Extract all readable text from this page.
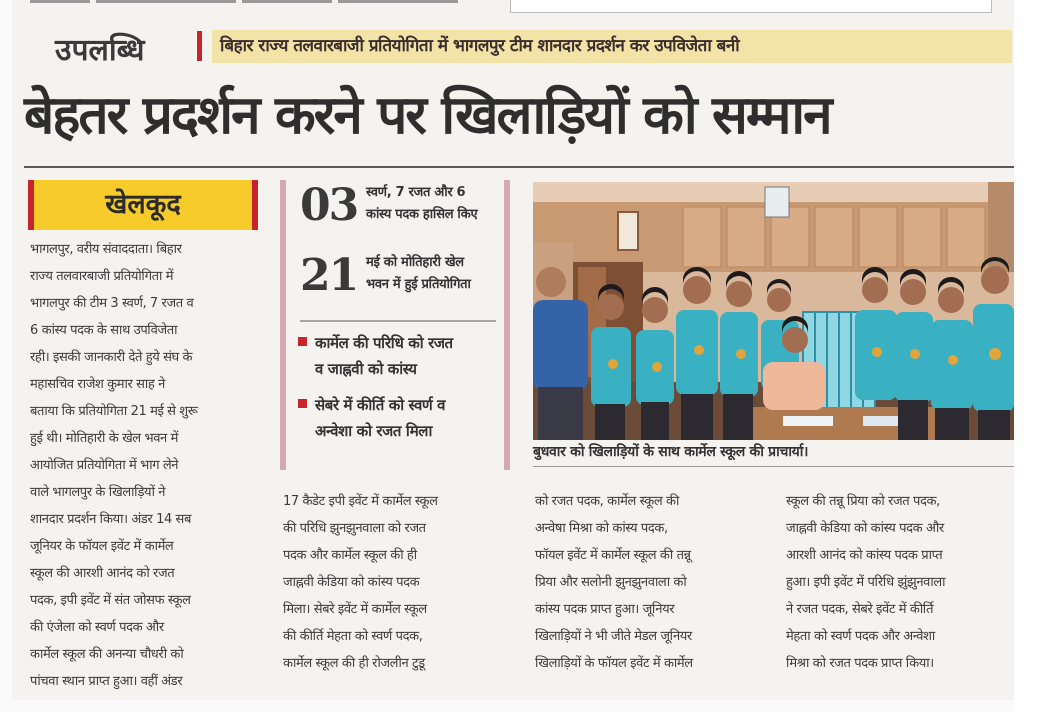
उपलब्धि	बिहार राज्य तलवारबाजी प्रतियोगिता में भागलपुर टीम शानदार प्रदर्शन कर उपविजेता बनी
बेहतर प्रदर्शन करने पर खिलाड़ियों को सम्मान
खेलकूद

भागलपुर, वरीय संवाददाता। बिहार

राज्य तलवारबाजी प्रतियोगिता में

भागलपुर की टीम 3 स्वर्ण, 7 रजत व

6 कांस्य पदक के साथ उपविजेता

रही। इसकी जानकारी देते हुये संघ के

महासचिव राजेश कुमार साह ने

बताया कि प्रतियोगिता 21 मई से शुरू

हुई थी। मोतिहारी के खेल भवन में

आयोजित प्रतियोगिता में भाग लेने

वाले भागलपुर के खिलाड़ियों ने

शानदार प्रदर्शन किया। अंडर 14 सब

जूनियर के फॉयल इवेंट में कार्मेल

स्कूल की आरशी आनंद को रजत

पदक, इपी इवेंट में संत जोसफ स्कूल

की एंजेला को स्वर्ण पदक और

कार्मेल स्कूल की अनन्या चौधरी को

पांचवा स्थान प्राप्त हुआ। वहीं अंडर

03 स्वर्ण, 7 रजत और 6
कांस्य पदक हासिल किए
21 मई को मोतिहारी खेल
भवन में हुई प्रतियोगिता
कार्मेल की परिधि को रजत
व जाह्नवी को कांस्य
सेबरे में कीर्ति को स्वर्ण व
अन्वेशा को रजत मिला
बुधवार को खिलाड़ियों के साथ कार्मेल स्कूल की प्राचार्या।

17 कैडेट इपी इवेंट में कार्मेल स्कूल

की परिधि झुनझुनवाला को रजत

पदक और कार्मेल स्कूल की ही

जाह्नवी केडिया को कांस्य पदक

मिला। सेबरे इवेंट में कार्मेल स्कूल

की कीर्ति मेहता को स्वर्ण पदक,

कार्मेल स्कूल की ही रोजलीन टुडू

को रजत पदक, कार्मेल स्कूल की

अन्वेषा मिश्रा को कांस्य पदक,

फॉयल इवेंट में कार्मेल स्कूल की तन्नू

प्रिया और सलोनी झुनझुनवाला को

कांस्य पदक प्राप्त हुआ। जूनियर

खिलाड़ियों ने भी जीते मेडल जूनियर

खिलाड़ियों के फॉयल इवेंट में कार्मेल

स्कूल की तन्नू प्रिया को रजत पदक,

जाह्नवी केडिया को कांस्य पदक और

आरशी आनंद को कांस्य पदक प्राप्त

हुआ। इपी इवेंट में परिधि झुंझुनवाला

ने रजत पदक, सेबरे इवेंट में कीर्ति

मेहता को स्वर्ण पदक और अन्वेशा

मिश्रा को रजत पदक प्राप्त किया।
